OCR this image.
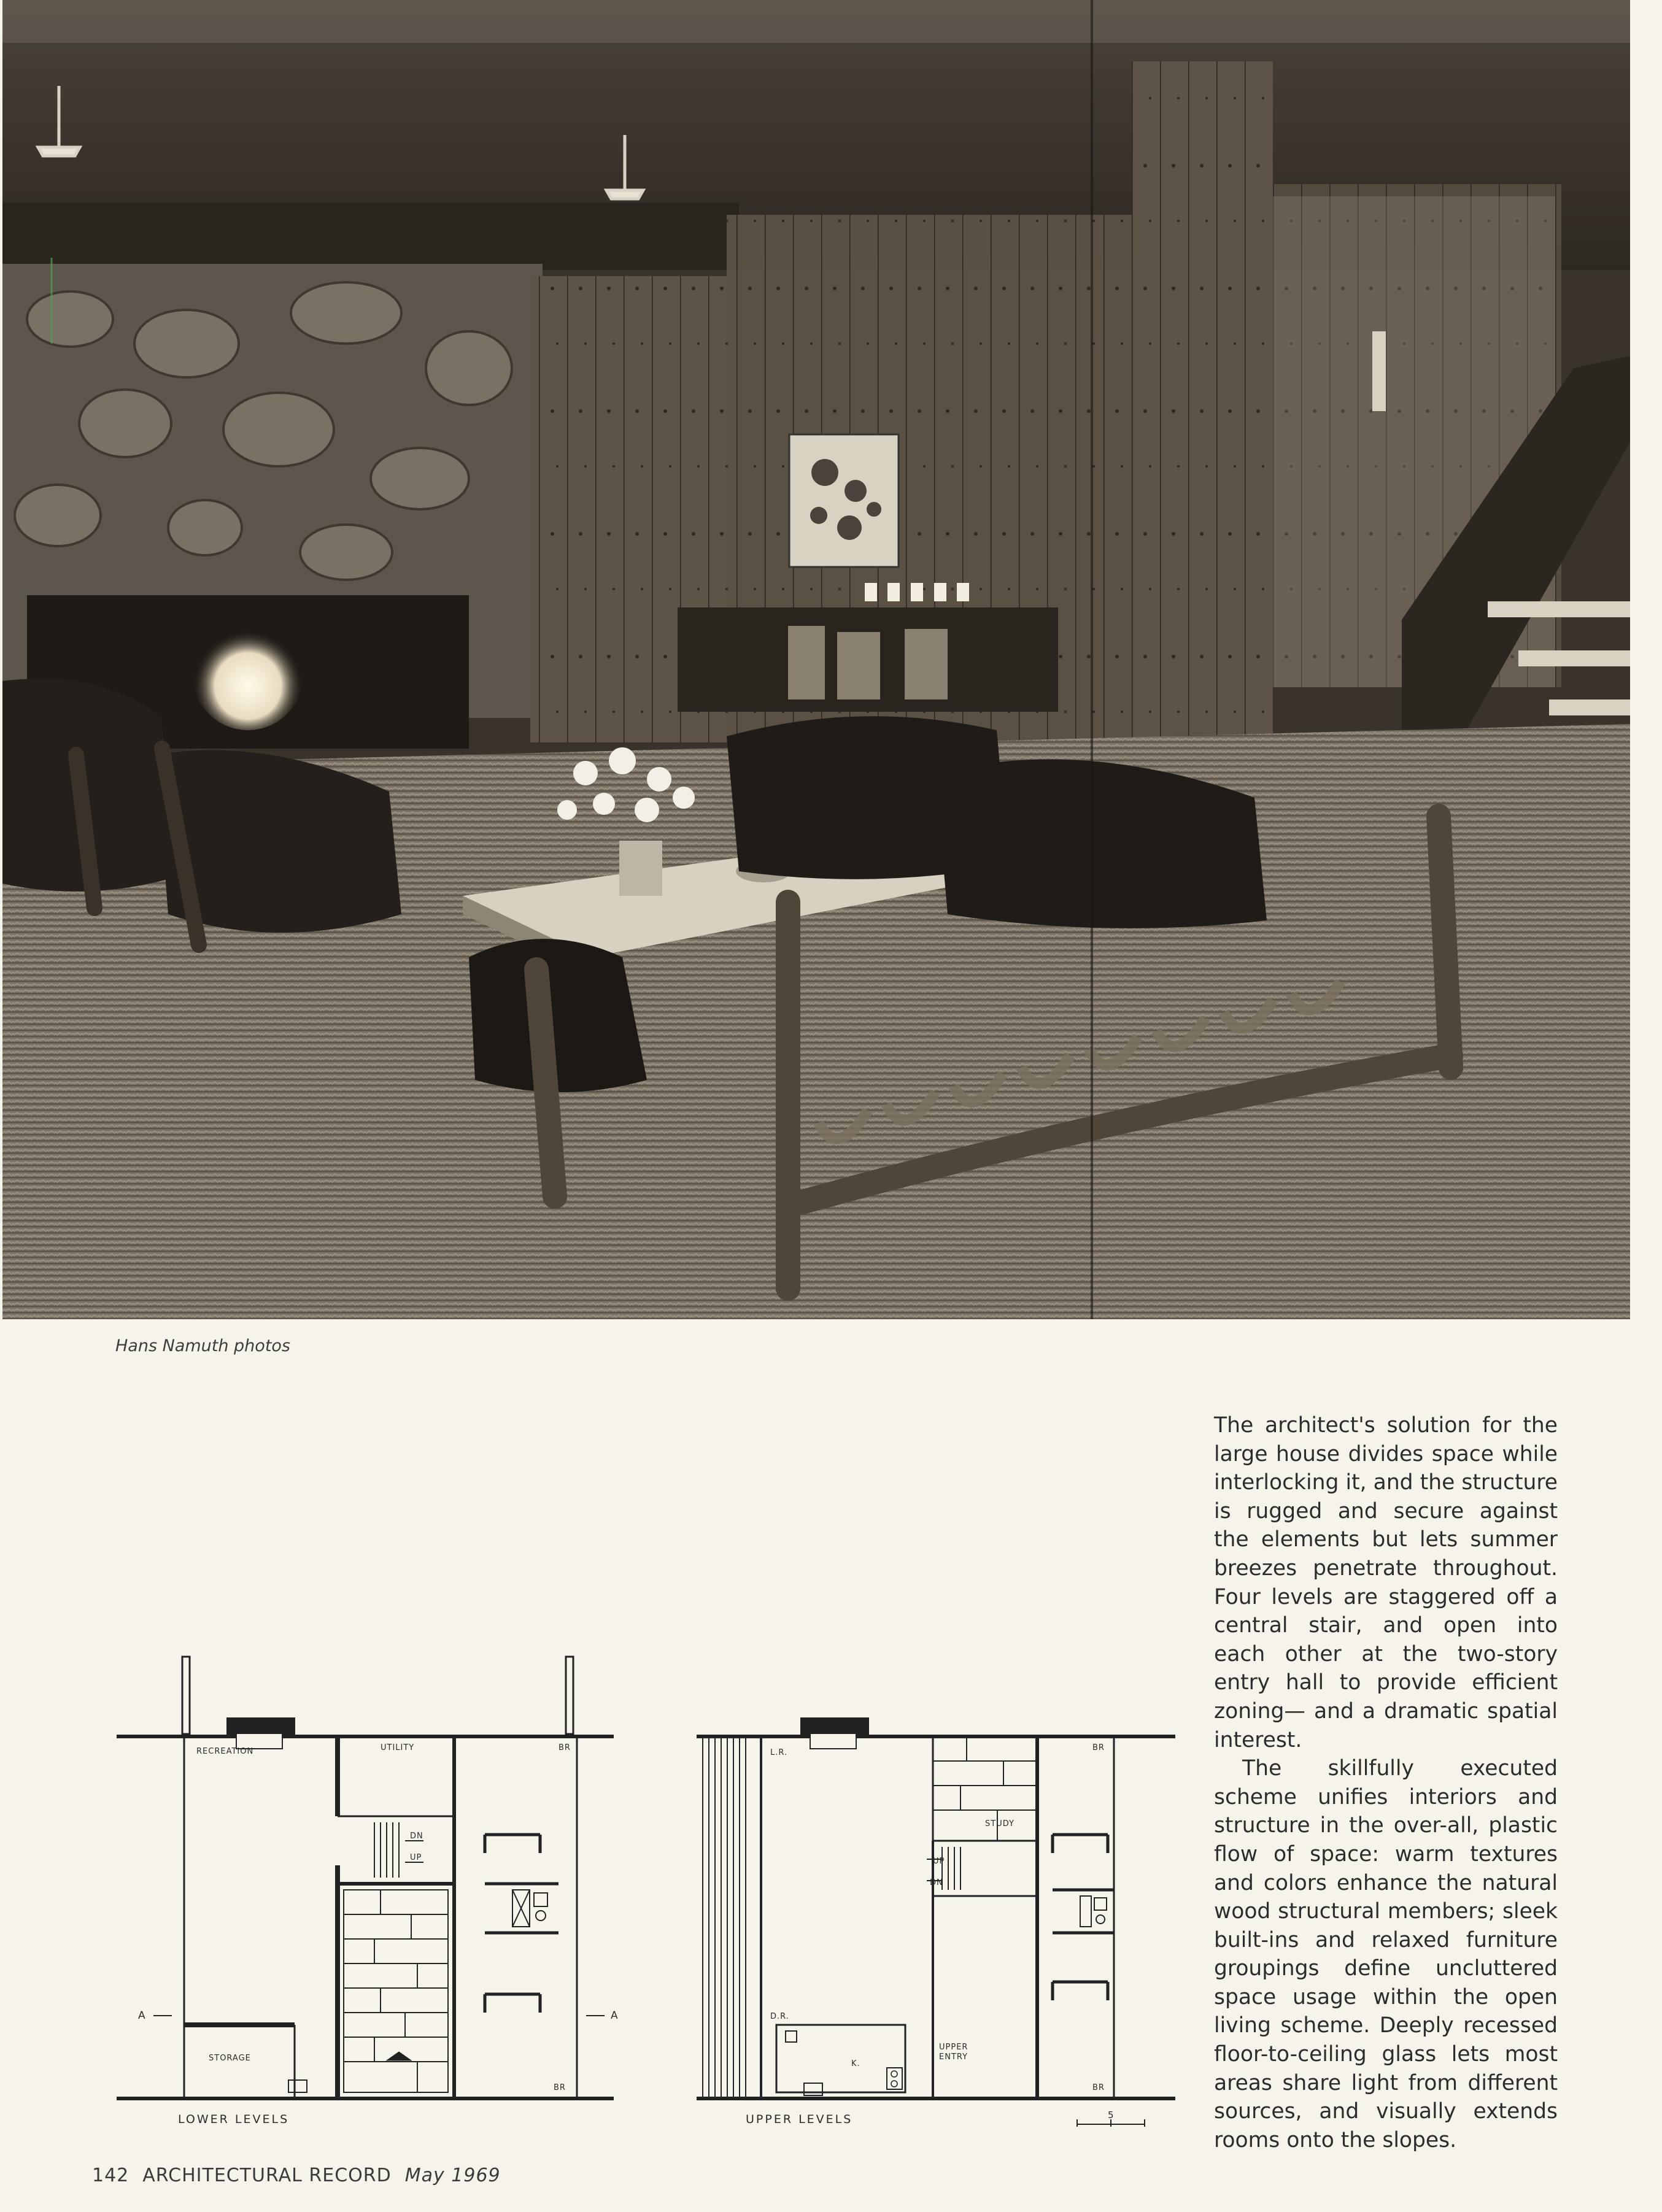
Hans Namuth photos

The architect's solution for the large house divides space while interlocking it, and the structure is rugged and secure against the elements but lets summer breezes penetrate throughout. Four levels are staggered off a central stair, and open into each other at the two-story entry hall to provide efficient zoning— and a dramatic spatial interest.

The skillfully executed scheme unifies interiors and structure in the over-all, plastic flow of space: warm textures and colors enhance the natural wood structural members; sleek built-ins and relaxed furniture groupings define uncluttered space usage within the open living scheme. Deeply recessed floor-to-ceiling glass lets most areas share light from different sources, and visually extends rooms onto the slopes.

RECREATION	UTILITY	BR
DN
UP
STORAGE
BR
A	A
LOWER LEVELS
L.R.
STUDY
BR
UP
DN
D.R.
K.
UPPER
ENTRY
BR
UPPER LEVELS	5
142 ARCHITECTURAL RECORD May 1969
